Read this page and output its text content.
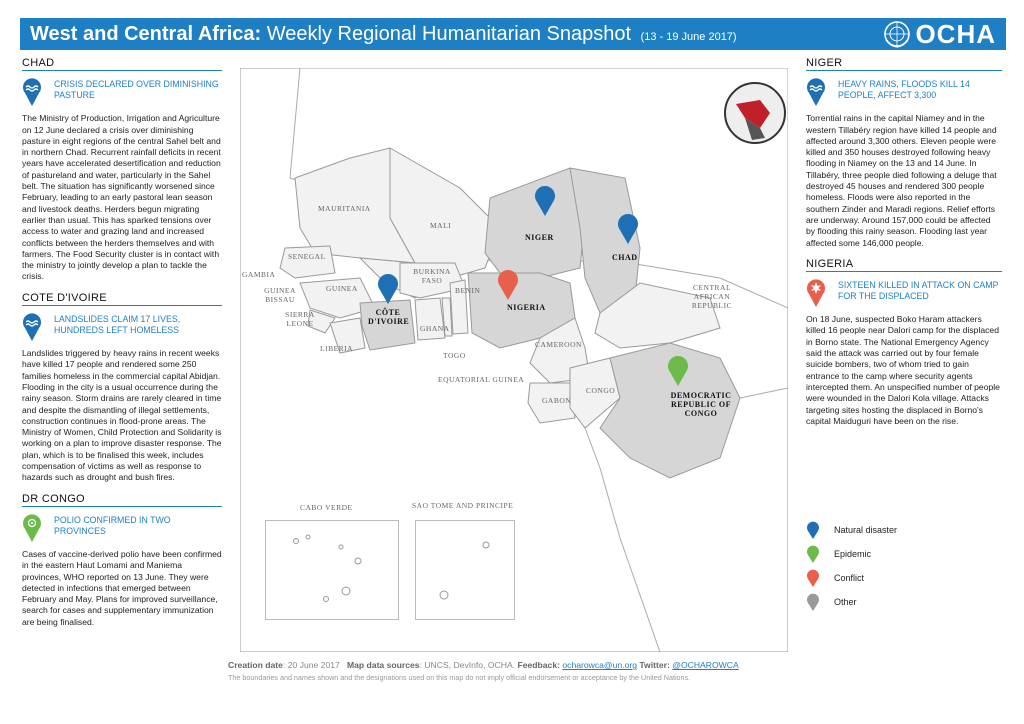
West and Central Africa: Weekly Regional Humanitarian Snapshot (13 - 19 June 2017)	OCHA
CHAD
CRISIS DECLARED OVER DIMINISHING PASTURE
The Ministry of Production, Irrigation and Agriculture on 12 June declared a crisis over diminishing pasture in eight regions of the central Sahel belt and in northern Chad. Recurrent rainfall deficits in recent years have accelerated desertification and reduction of pastureland and water, particularly in the Sahel belt. The situation has significantly worsened since February, leading to an early pastoral lean season and livestock deaths. Herders begun migrating earlier than usual. This has sparked tensions over access to water and grazing land and increased conflicts between the herders themselves and with farmers. The Food Security cluster is in contact with the ministry to jointly develop a plan to tackle the crisis.
COTE D'IVOIRE
LANDSLIDES CLAIM 17 LIVES, HUNDREDS LEFT HOMELESS
Landslides triggered by heavy rains in recent weeks have killed 17 people and rendered some 250 families homeless in the commercial capital Abidjan. Flooding in the city is a usual occurrence during the rainy season. Storm drains are rarely cleared in time and despite the dismantling of illegal settlements, construction continues in flood-prone areas. The Ministry of Women, Child Protection and Solidarity is working on a plan to improve disaster response. The plan, which is to be finalised this week, includes compensation of victims as well as response to hazards such as drought and bush fires.
DR CONGO
POLIO CONFIRMED IN TWO PROVINCES
Cases of vaccine-derived polio have been confirmed in the eastern Haut Lomami and Maniema provinces, WHO reported on 13 June. They were detected in infections that emerged between February and May. Plans for improved surveillance, search for cases and supplementary immunization are being finalised.
MAURITANIA
MALI
NIGER
CHAD
SENEGAL
GAMBIA
GUINEA BISSAU
GUINEA
SIERRA LEONE
LIBERIA
CÔTE D'IVOIRE
BURKINA FASO
GHANA
TOGO
BENIN
NIGERIA
CENTRAL AFRICAN REPUBLIC
CAMEROON
EQUATORIAL GUINEA
GABON
CONGO
DEMOCRATIC REPUBLIC OF CONGO
CABO VERDE	SAO TOME AND PRINCIPE
NIGER
HEAVY RAINS, FLOODS KILL 14 PEOPLE, AFFECT 3,300
Torrential rains in the capital Niamey and in the western Tillabéry region have killed 14 people and affected around 3,300 others. Eleven people were killed and 350 houses destroyed following heavy flooding in Niamey on the 13 and 14 June. In Tillabéry, three people died following a deluge that destroyed 45 houses and rendered 300 people homeless. Floods were also reported in the southern Zinder and Maradi regions. Relief efforts are underway. Around 157,000 could be affected by flooding this rainy season. Flooding last year affected some 146,000 people.
NIGERIA
SIXTEEN KILLED IN ATTACK ON CAMP FOR THE DISPLACED
On 18 June, suspected Boko Haram attackers killed 16 people near Dalori camp for the displaced in Borno state. The National Emergency Agency said the attack was carried out by four female suicide bombers, two of whom tried to gain entrance to the camp where security agents intercepted them. An unspecified number of people were wounded in the Dalori Kola village. Attacks targeting sites hosting the displaced in Borno's capital Maiduguri have been on the rise.
Natural disaster
Epidemic
Conflict
Other
Creation date: 20 June 2017 Map data sources: UNCS, DevInfo, OCHA. Feedback: ocharowca@un.org Twitter: @OCHAROWCA
The boundaries and names shown and the designations used on this map do not imply official endorsement or acceptance by the United Nations.
